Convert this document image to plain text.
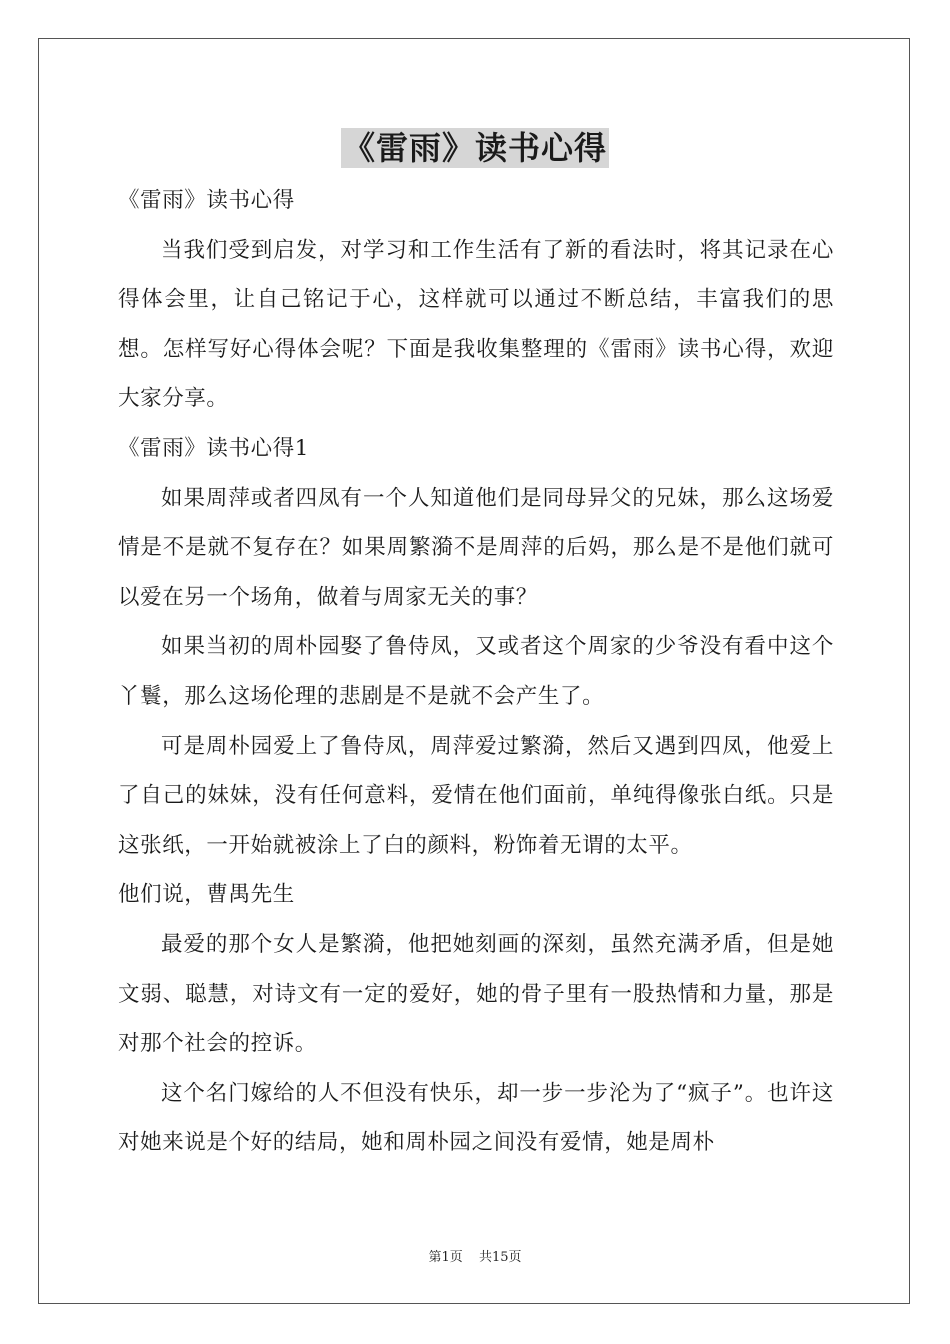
《雷雨》读书心得

《雷雨》读书心得

当我们受到启发，对学习和工作生活有了新的看法时，将其记录在心得体会里，让自己铭记于心，这样就可以通过不断总结，丰富我们的思想。怎样写好心得体会呢？下面是我收集整理的《雷雨》读书心得，欢迎大家分享。

《雷雨》读书心得1

如果周萍或者四凤有一个人知道他们是同母异父的兄妹，那么这场爱情是不是就不复存在？如果周繁漪不是周萍的后妈，那么是不是他们就可以爱在另一个场角，做着与周家无关的事？

如果当初的周朴园娶了鲁侍凤，又或者这个周家的少爷没有看中这个丫鬟，那么这场伦理的悲剧是不是就不会产生了。

可是周朴园爱上了鲁侍凤，周萍爱过繁漪，然后又遇到四凤，他爱上了自己的妹妹，没有任何意料，爱情在他们面前，单纯得像张白纸。只是这张纸，一开始就被涂上了白的颜料，粉饰着无谓的太平。

他们说，曹禺先生

最爱的那个女人是繁漪，他把她刻画的深刻，虽然充满矛盾，但是她文弱、聪慧，对诗文有一定的爱好，她的骨子里有一股热情和力量，那是对那个社会的控诉。

这个名门嫁给的人不但没有快乐，却一步一步沦为了“疯子”。也许这对她来说是个好的结局，她和周朴园之间没有爱情，她是周朴

第1页 共15页
